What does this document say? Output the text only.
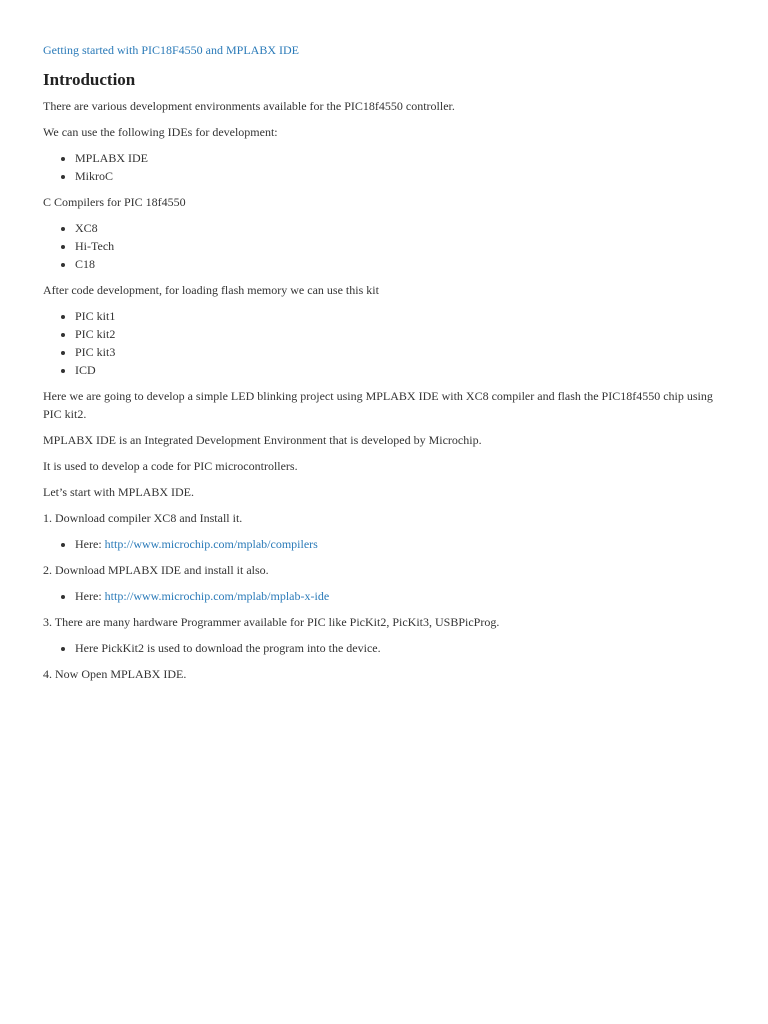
Getting started with PIC18F4550 and MPLABX IDE
Introduction

There are various development environments available for the PIC18f4550 controller.

We can use the following IDEs for development:

• MPLABX IDE
• MikroC

C Compilers for PIC 18f4550

• XC8
• Hi-Tech
• C18

After code development, for loading flash memory we can use this kit

• PIC kit1
• PIC kit2
• PIC kit3
• ICD

Here we are going to develop a simple LED blinking project using MPLABX IDE with XC8 compiler and flash the PIC18f4550 chip using PIC kit2.

MPLABX IDE is an Integrated Development Environment that is developed by Microchip.

It is used to develop a code for PIC microcontrollers.

Let’s start with MPLABX IDE.

1. Download compiler XC8 and Install it.

• Here: http://www.microchip.com/mplab/compilers

2. Download MPLABX IDE and install it also.

• Here: http://www.microchip.com/mplab/mplab-x-ide

3. There are many hardware Programmer available for PIC like PicKit2, PicKit3, USBPicProg.

• Here PickKit2 is used to download the program into the device.

4. Now Open MPLABX IDE.
